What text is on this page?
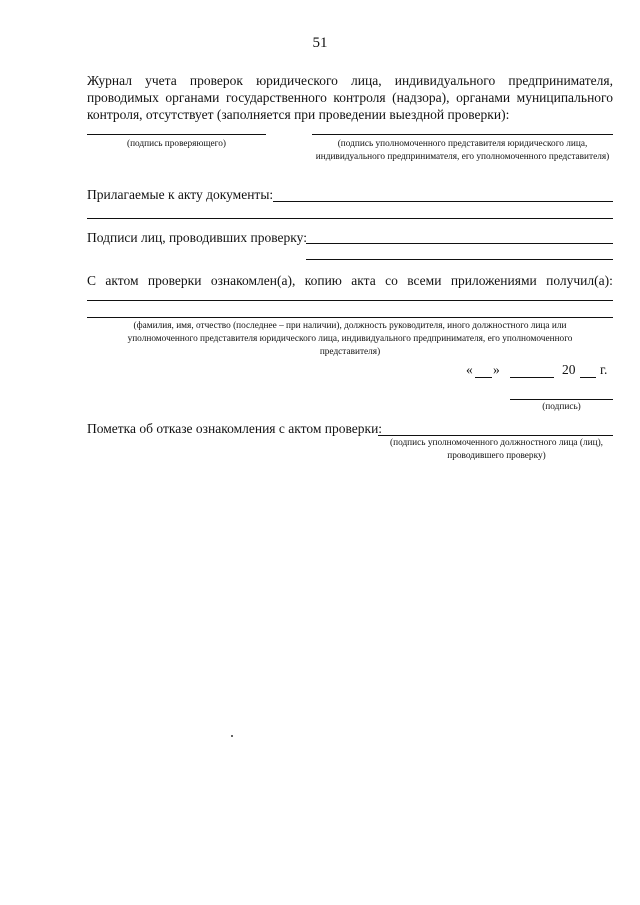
51
Журнал учета проверок юридического лица, индивидуального предпринимателя, проводимых органами государственного контроля (надзора), органами муниципального контроля, отсутствует (заполняется при проведении выездной проверки):
(подпись проверяющего)	(подпись уполномоченного представителя юридического лица, индивидуального предпринимателя, его уполномоченного представителя)
Прилагаемые к акту документы:
Подписи лиц, проводивших проверку:
С актом проверки ознакомлен(а), копию акта со всеми приложениями получил(а):
(фамилия, имя, отчество (последнее – при наличии), должность руководителя, иного должностного лица или уполномоченного представителя юридического лица, индивидуального предпринимателя, его уполномоченного представителя)
« »	20 г.
(подпись)
Пометка об отказе ознакомления с актом проверки:
(подпись уполномоченного должностного лица (лиц), проводившего проверку)
